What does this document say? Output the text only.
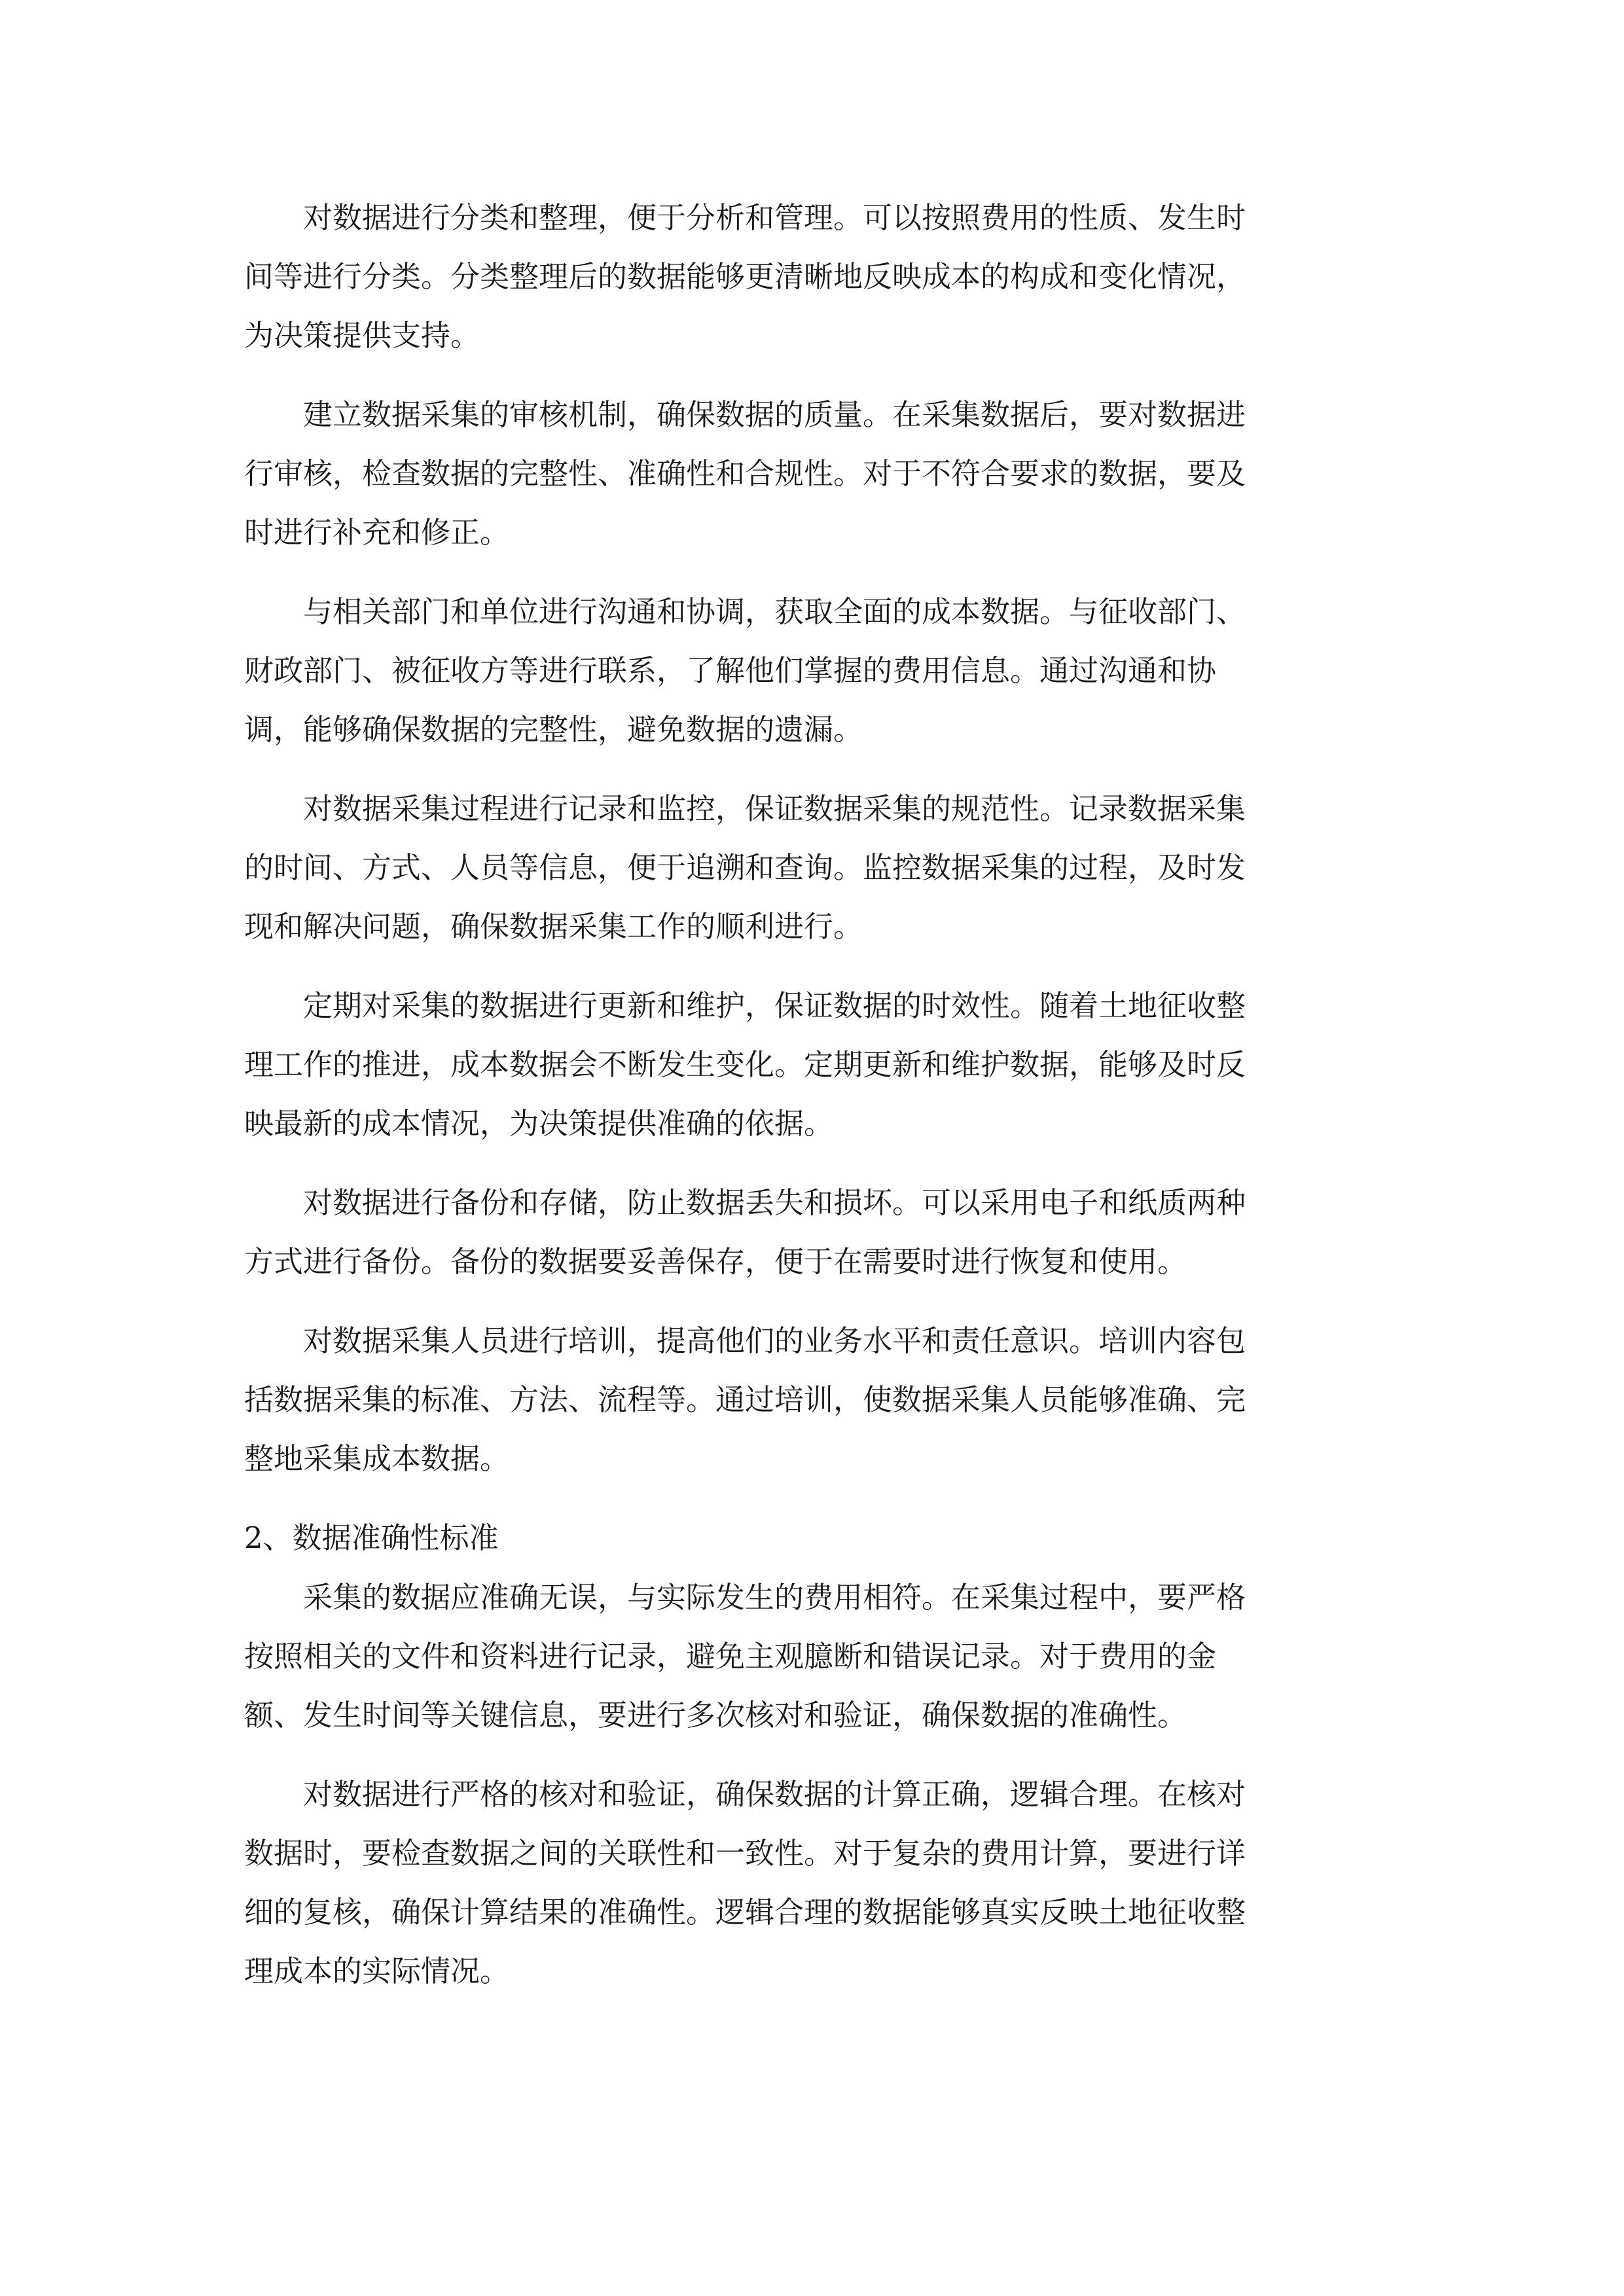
对数据进行分类和整理，便于分析和管理。可以按照费用的性质、发生时
间等进行分类。分类整理后的数据能够更清晰地反映成本的构成和变化情况，
为决策提供支持。
建立数据采集的审核机制，确保数据的质量。在采集数据后，要对数据进
行审核，检查数据的完整性、准确性和合规性。对于不符合要求的数据，要及
时进行补充和修正。
与相关部门和单位进行沟通和协调，获取全面的成本数据。与征收部门、
财政部门、被征收方等进行联系，了解他们掌握的费用信息。通过沟通和协
调，能够确保数据的完整性，避免数据的遗漏。
对数据采集过程进行记录和监控，保证数据采集的规范性。记录数据采集
的时间、方式、人员等信息，便于追溯和查询。监控数据采集的过程，及时发
现和解决问题，确保数据采集工作的顺利进行。
定期对采集的数据进行更新和维护，保证数据的时效性。随着土地征收整
理工作的推进，成本数据会不断发生变化。定期更新和维护数据，能够及时反
映最新的成本情况，为决策提供准确的依据。
对数据进行备份和存储，防止数据丢失和损坏。可以采用电子和纸质两种
方式进行备份。备份的数据要妥善保存，便于在需要时进行恢复和使用。
对数据采集人员进行培训，提高他们的业务水平和责任意识。培训内容包
括数据采集的标准、方法、流程等。通过培训，使数据采集人员能够准确、完
整地采集成本数据。
2、数据准确性标准
采集的数据应准确无误，与实际发生的费用相符。在采集过程中，要严格
按照相关的文件和资料进行记录，避免主观臆断和错误记录。对于费用的金
额、发生时间等关键信息，要进行多次核对和验证，确保数据的准确性。
对数据进行严格的核对和验证，确保数据的计算正确，逻辑合理。在核对
数据时，要检查数据之间的关联性和一致性。对于复杂的费用计算，要进行详
细的复核，确保计算结果的准确性。逻辑合理的数据能够真实反映土地征收整
理成本的实际情况。
